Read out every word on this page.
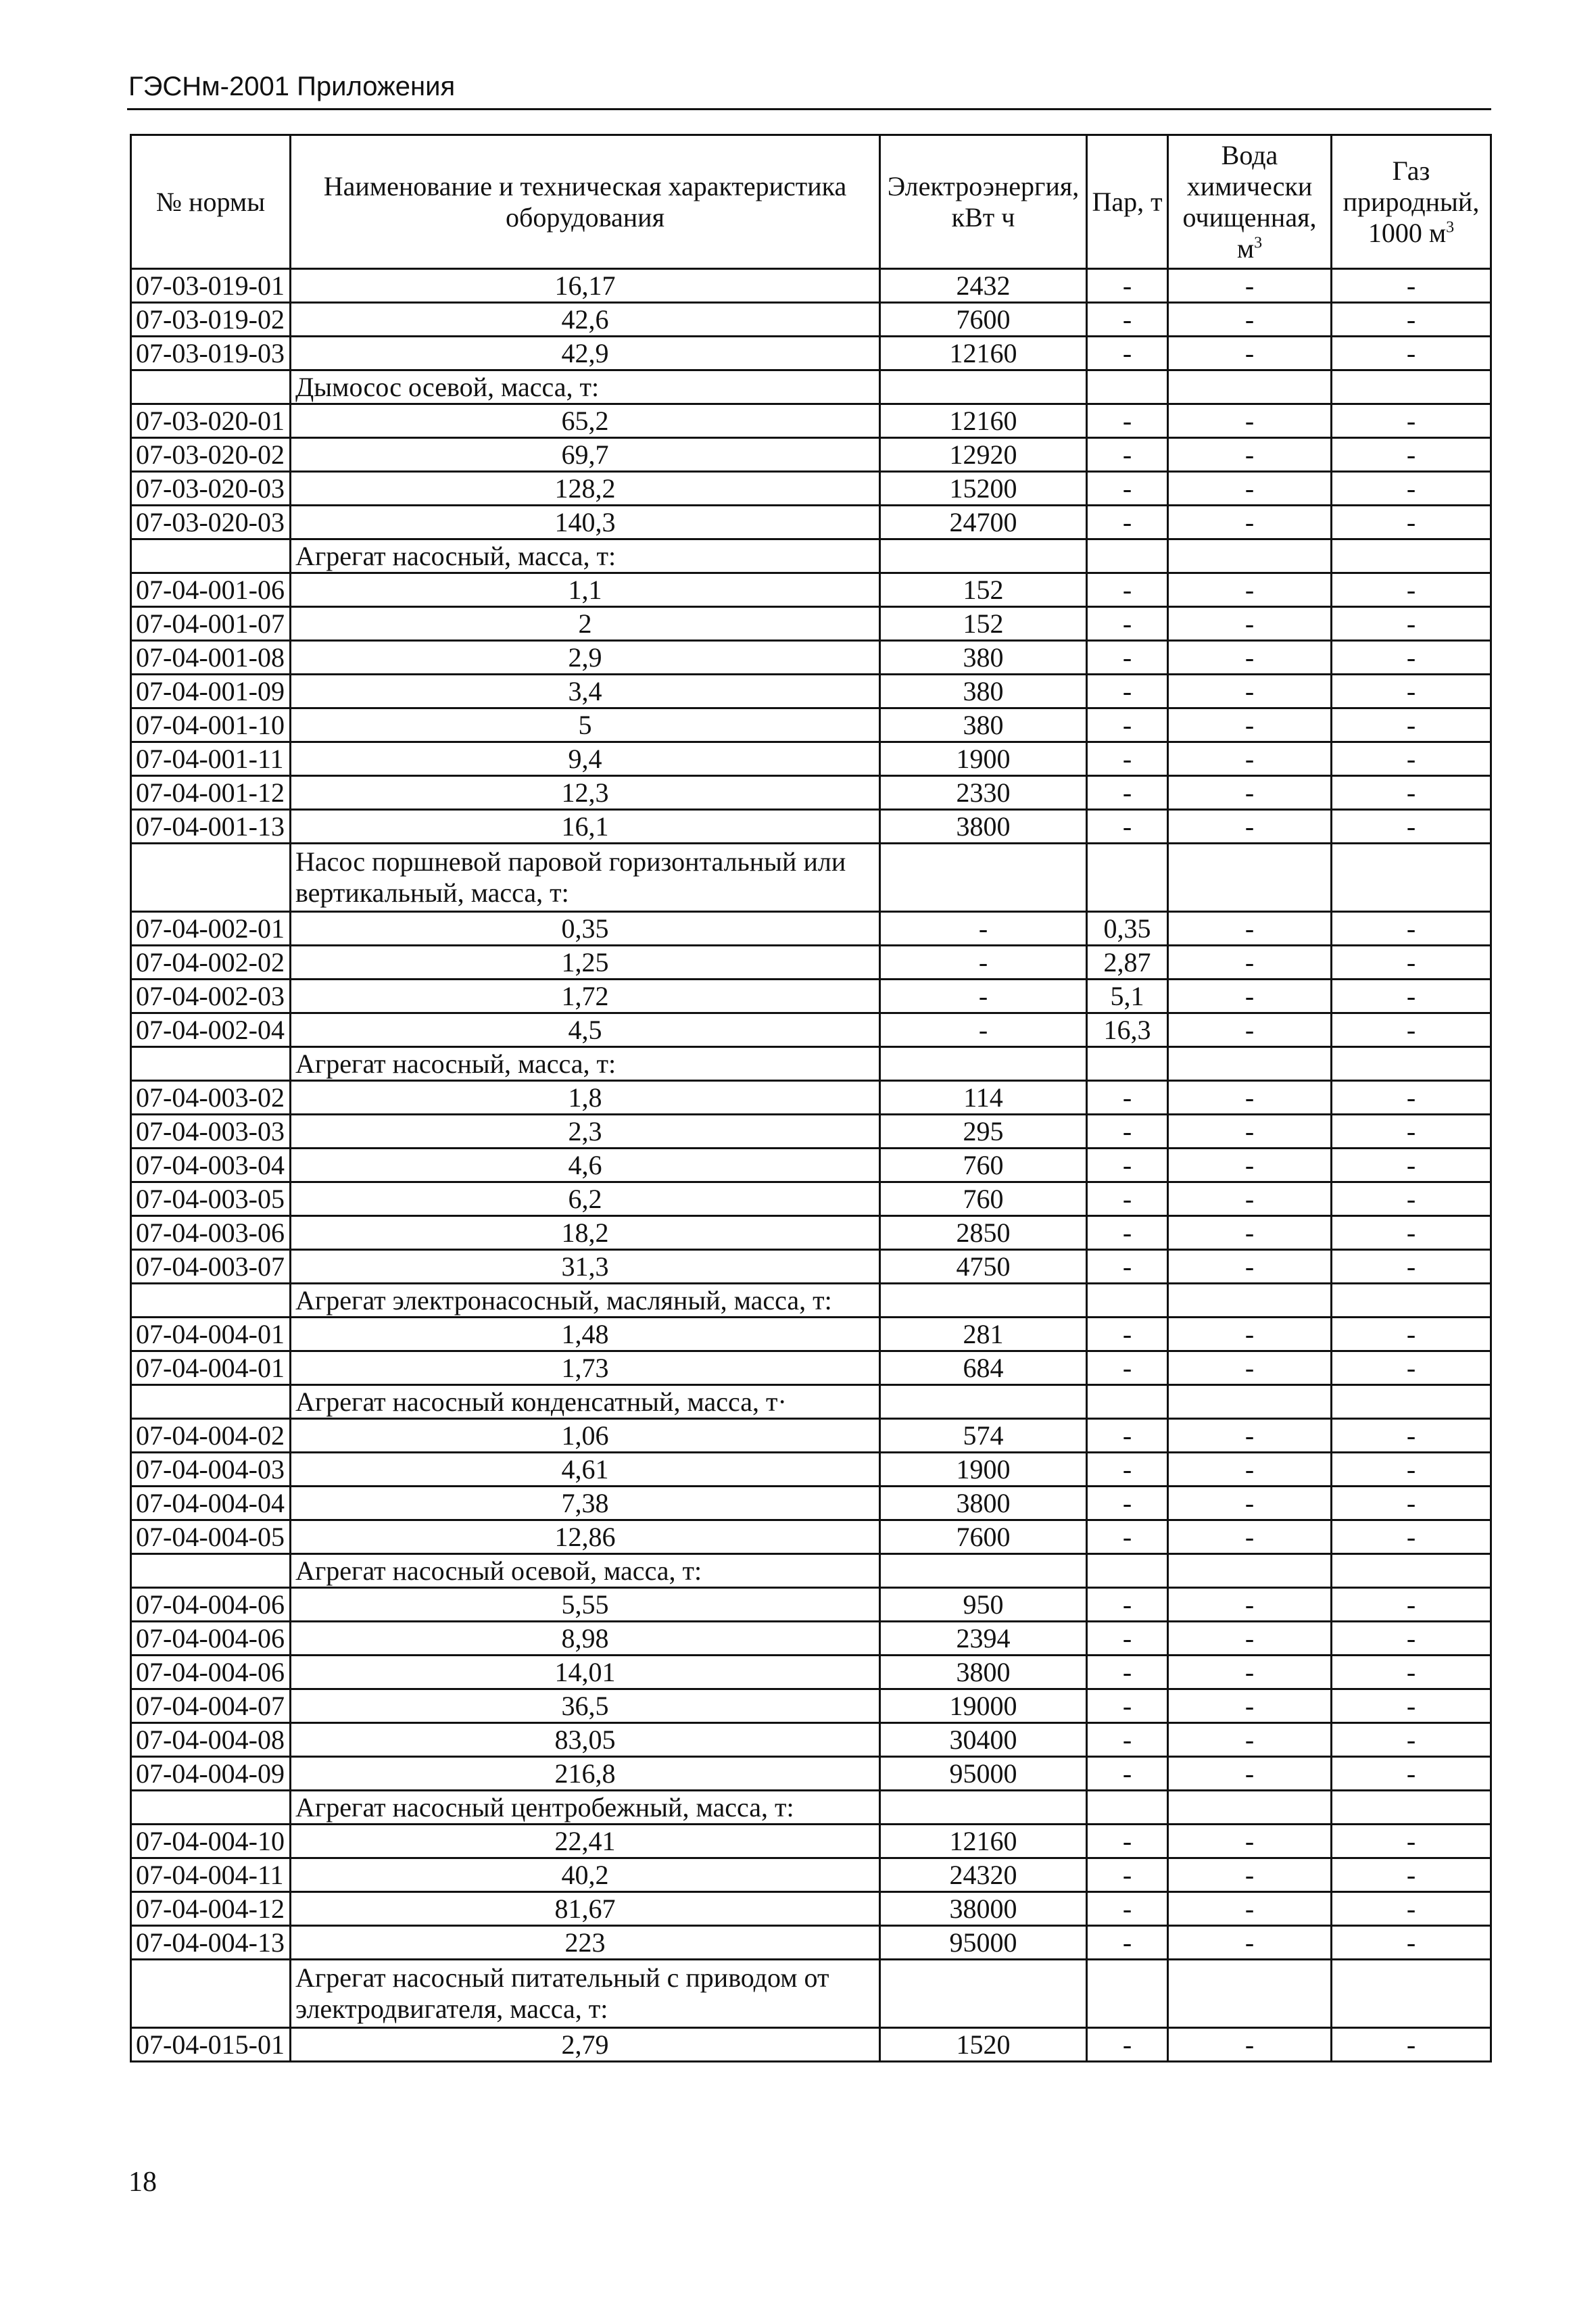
ГЭСНм-2001 Приложения
№ нормы	Наименование и техническая характеристика оборудования	Электроэнергия, кВт ч	Пар, т	Вода химически очищенная, $м^3$	Газ природный, 1000 $м^3$
07-03-019-01	16,17	2432	-	-	-
07-03-019-02	42,6	7600	-	-	-
07-03-019-03	42,9	12160	-	-	-
	Дымосос осевой, масса, т:				
07-03-020-01	65,2	12160	-	-	-
07-03-020-02	69,7	12920	-	-	-
07-03-020-03	128,2	15200	-	-	-
07-03-020-03	140,3	24700	-	-	-
	Агрегат насосный, масса, т:				
07-04-001-06	1,1	152	-	-	-
07-04-001-07	2	152	-	-	-
07-04-001-08	2,9	380	-	-	-
07-04-001-09	3,4	380	-	-	-
07-04-001-10	5	380	-	-	-
07-04-001-11	9,4	1900	-	-	-
07-04-001-12	12,3	2330	-	-	-
07-04-001-13	16,1	3800	-	-	-
	Насос поршневой паровой горизонтальный или вертикальный, масса, т:				
07-04-002-01	0,35	-	0,35	-	-
07-04-002-02	1,25	-	2,87	-	-
07-04-002-03	1,72	-	5,1	-	-
07-04-002-04	4,5	-	16,3	-	-
	Агрегат насосный, масса, т:				
07-04-003-02	1,8	114	-	-	-
07-04-003-03	2,3	295	-	-	-
07-04-003-04	4,6	760	-	-	-
07-04-003-05	6,2	760	-	-	-
07-04-003-06	18,2	2850	-	-	-
07-04-003-07	31,3	4750	-	-	-
	Агрегат электронасосный, масляный, масса, т:				
07-04-004-01	1,48	281	-	-	-
07-04-004-01	1,73	684	-	-	-
	Агрегат насосный конденсатный, масса, т·				
07-04-004-02	1,06	574	-	-	-
07-04-004-03	4,61	1900	-	-	-
07-04-004-04	7,38	3800	-	-	-
07-04-004-05	12,86	7600	-	-	-
	Агрегат насосный осевой, масса, т:				
07-04-004-06	5,55	950	-	-	-
07-04-004-06	8,98	2394	-	-	-
07-04-004-06	14,01	3800	-	-	-
07-04-004-07	36,5	19000	-	-	-
07-04-004-08	83,05	30400	-	-	-
07-04-004-09	216,8	95000	-	-	-
	Агрегат насосный центробежный, масса, т:				
07-04-004-10	22,41	12160	-	-	-
07-04-004-11	40,2	24320	-	-	-
07-04-004-12	81,67	38000	-	-	-
07-04-004-13	223	95000	-	-	-
	Агрегат насосный питательный с приводом от электродвигателя, масса, т:				
07-04-015-01	2,79	1520	-	-	-
18
